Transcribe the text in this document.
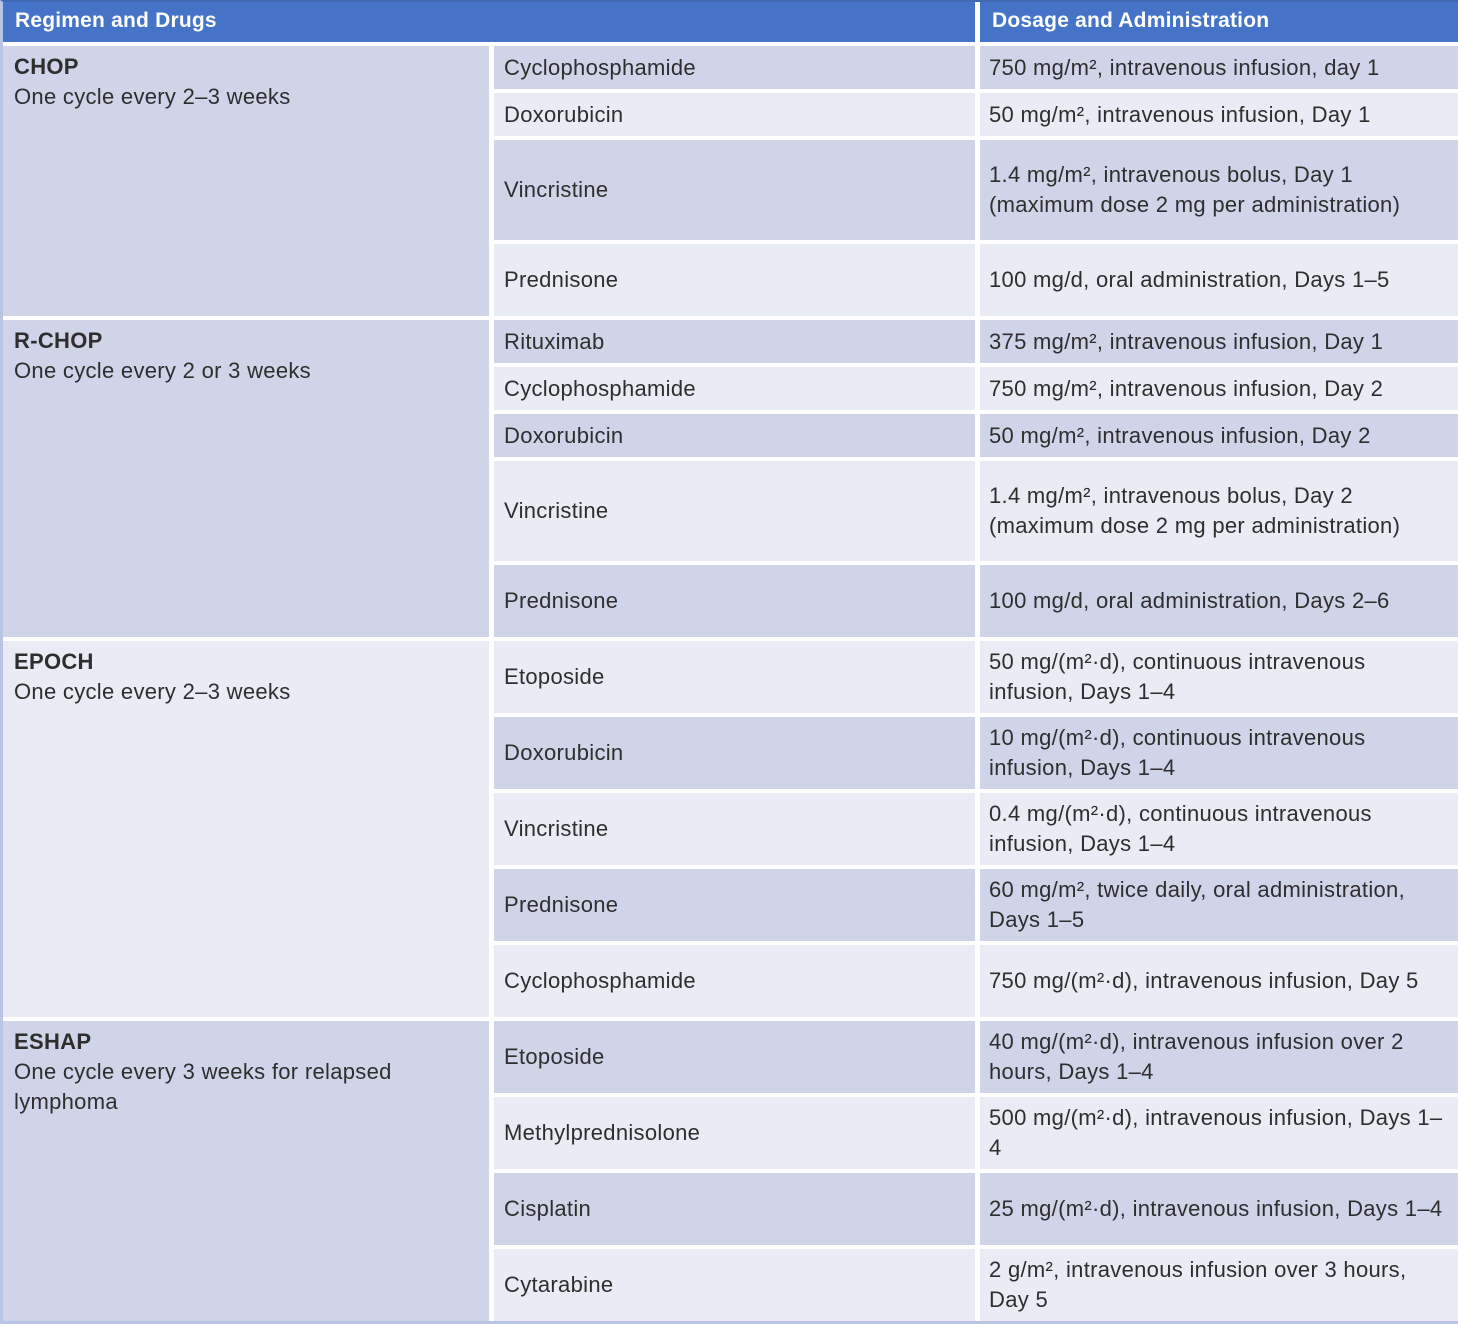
Regimen and Drugs		Dosage and Administration

CHOP
One cycle every 2–3 weeks	Cyclophosphamide	750 mg/m², intravenous infusion, day 1
	Doxorubicin	50 mg/m², intravenous infusion, Day 1
	Vincristine	1.4 mg/m², intravenous bolus, Day 1 (maximum dose 2 mg per administration)
	Prednisone	100 mg/d, oral administration, Days 1–5

R-CHOP
One cycle every 2 or 3 weeks	Rituximab	375 mg/m², intravenous infusion, Day 1
	Cyclophosphamide	750 mg/m², intravenous infusion, Day 2
	Doxorubicin	50 mg/m², intravenous infusion, Day 2
	Vincristine	1.4 mg/m², intravenous bolus, Day 2 (maximum dose 2 mg per administration)
	Prednisone	100 mg/d, oral administration, Days 2–6

EPOCH
One cycle every 2–3 weeks	Etoposide	50 mg/(m²·d), continuous intravenous infusion, Days 1–4
	Doxorubicin	10 mg/(m²·d), continuous intravenous infusion, Days 1–4
	Vincristine	0.4 mg/(m²·d), continuous intravenous infusion, Days 1–4
	Prednisone	60 mg/m², twice daily, oral administration, Days 1–5
	Cyclophosphamide	750 mg/(m²·d), intravenous infusion, Day 5

ESHAP
One cycle every 3 weeks for relapsed lymphoma	Etoposide	40 mg/(m²·d), intravenous infusion over 2 hours, Days 1–4
	Methylprednisolone	500 mg/(m²·d), intravenous infusion, Days 1–4
	Cisplatin	25 mg/(m²·d), intravenous infusion, Days 1–4
	Cytarabine	2 g/m², intravenous infusion over 3 hours, Day 5
